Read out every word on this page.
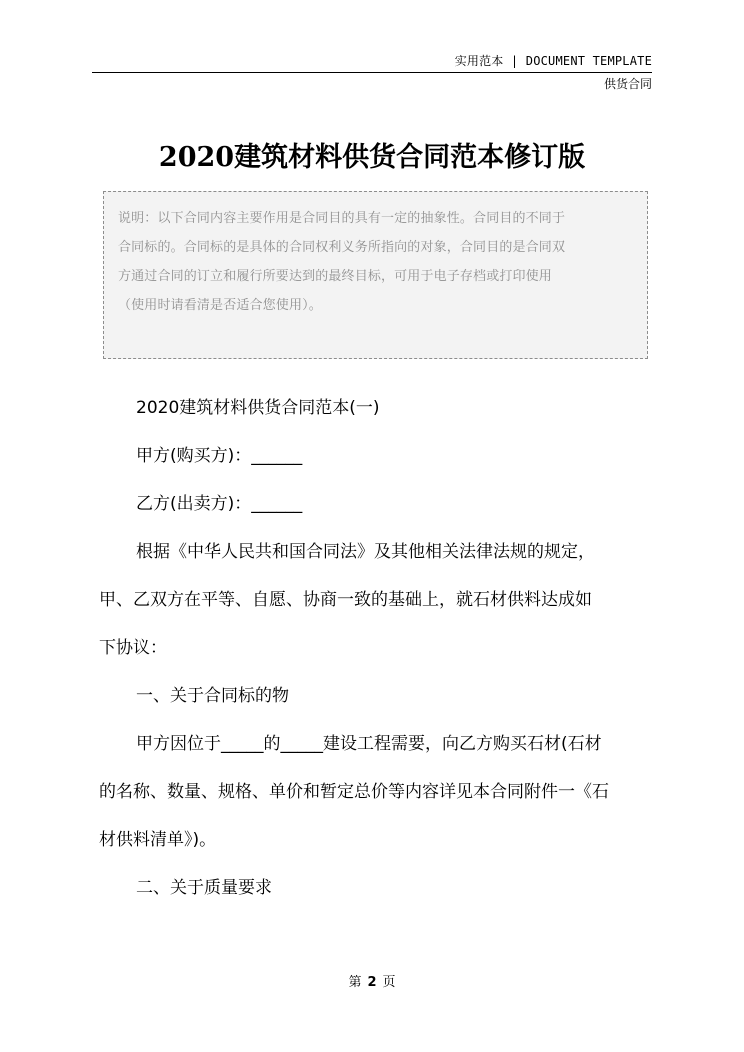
实用范本 | DOCUMENT TEMPLATE
供货合同
2020建筑材料供货合同范本修订版
说明：以下合同内容主要作用是合同目的具有一定的抽象性。合同目的不同于
合同标的。合同标的是具体的合同权利义务所指向的对象，合同目的是合同双
方通过合同的订立和履行所要达到的最终目标，可用于电子存档或打印使用
（使用时请看清是否适合您使用）。
2020建筑材料供货合同范本(一)
甲方(购买方)：______
乙方(出卖方)：______
根据《中华人民共和国合同法》及其他相关法律法规的规定，
甲、乙双方在平等、自愿、协商一致的基础上，就石材供料达成如
下协议：
一、关于合同标的物
甲方因位于_____的_____建设工程需要，向乙方购买石材(石材
的名称、数量、规格、单价和暂定总价等内容详见本合同附件一《石
材供料清单》)。
二、关于质量要求
第 2 页
